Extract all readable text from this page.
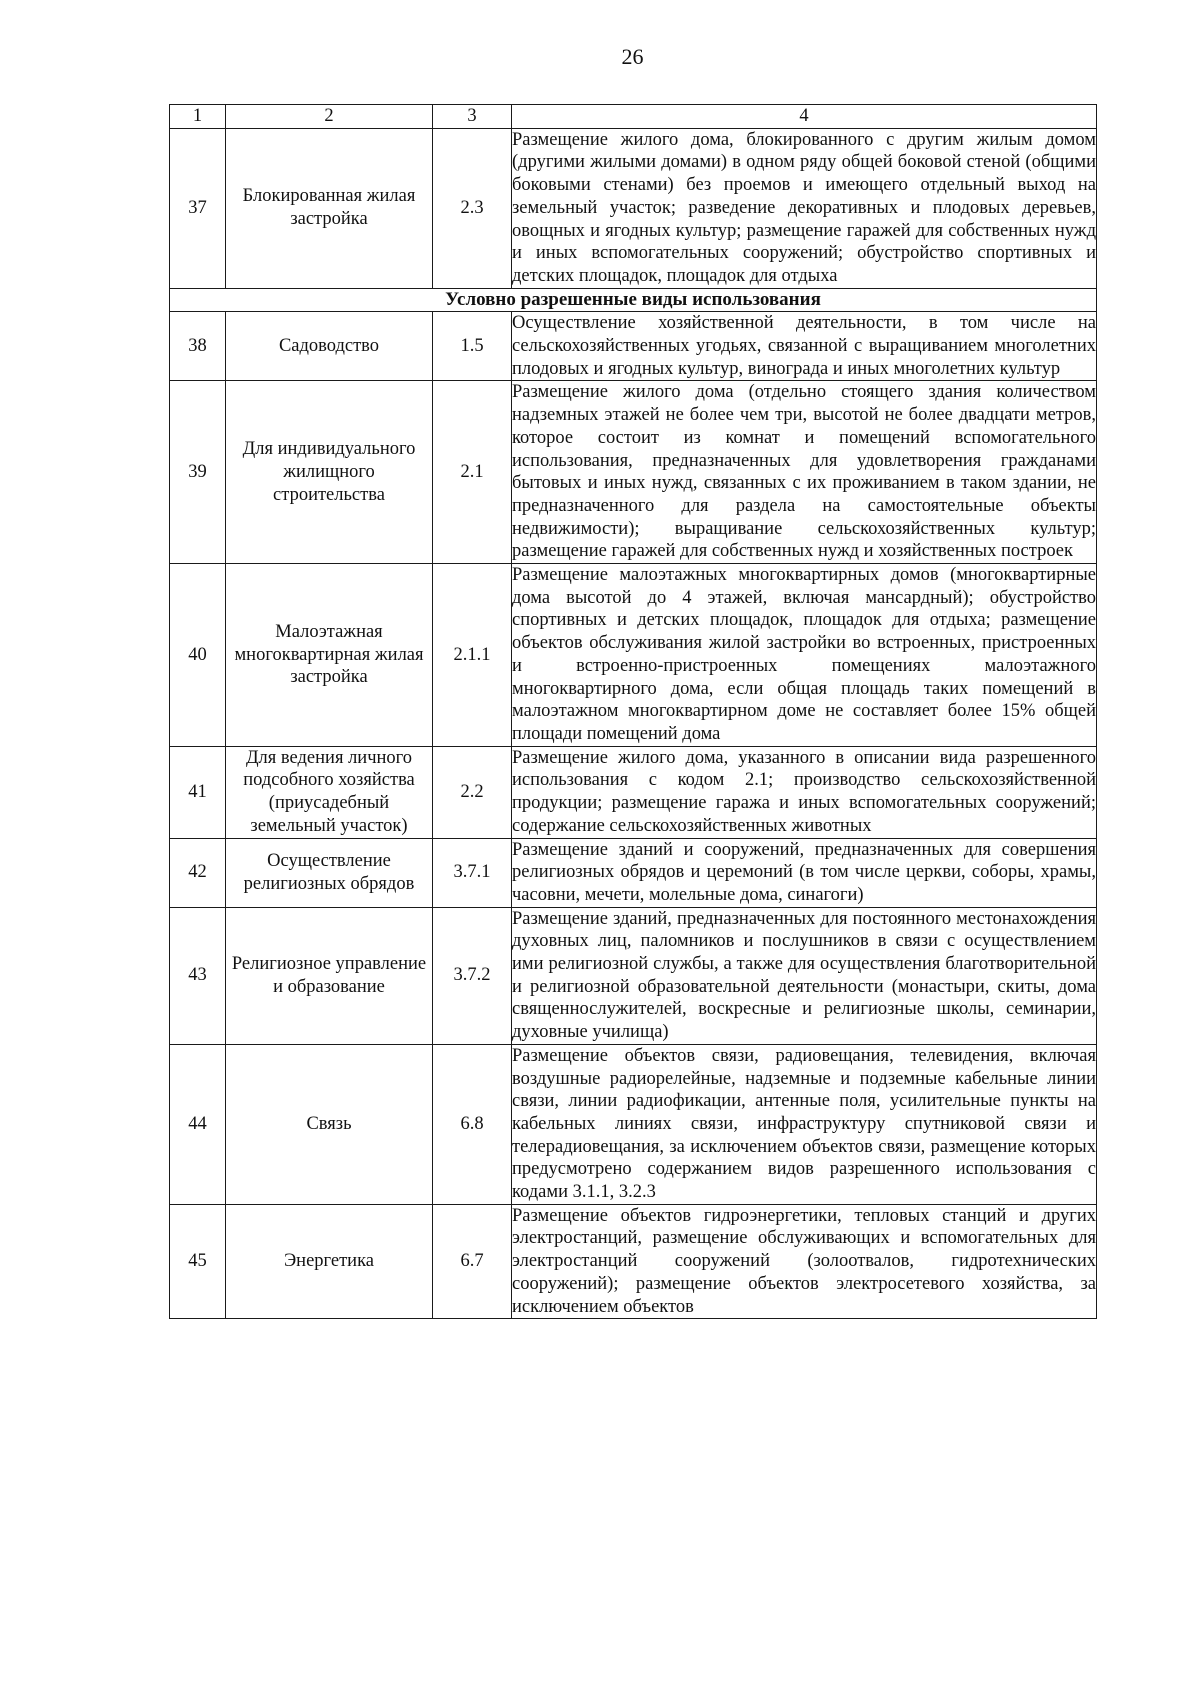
26
1	2	3	4
37	Блокированная жилая застройка	2.3	Размещение жилого дома, блокированного с другим жилым домом (другими жилыми домами) в одном ряду общей боковой стеной (общими боковыми стенами) без проемов и имеющего отдельный выход на земельный участок; разведение декоративных и плодовых деревьев, овощных и ягодных культур; размещение гаражей для собственных нужд и иных вспомогательных сооружений; обустройство спортивных и детских площадок, площадок для отдыха
Условно разрешенные виды использования			
38	Садоводство	1.5	Осуществление хозяйственной деятельности, в том числе на сельскохозяйственных угодьях, связанной с выращиванием многолетних плодовых и ягодных культур, винограда и иных многолетних культур
39	Для индивидуального жилищного строительства	2.1	Размещение жилого дома (отдельно стоящего здания количеством надземных этажей не более чем три, высотой не более двадцати метров, которое состоит из комнат и помещений вспомогательного использования, предназначенных для удовлетворения гражданами бытовых и иных нужд, связанных с их проживанием в таком здании, не предназначенного для раздела на самостоятельные объекты недвижимости); выращивание сельскохозяйственных культур; размещение гаражей для собственных нужд и хозяйственных построек
40	Малоэтажная многоквартирная жилая застройка	2.1.1	Размещение малоэтажных многоквартирных домов (многоквартирные дома высотой до 4 этажей, включая мансардный); обустройство спортивных и детских площадок, площадок для отдыха; размещение объектов обслуживания жилой застройки во встроенных, пристроенных и встроенно-пристроенных помещениях малоэтажного многоквартирного дома, если общая площадь таких помещений в малоэтажном многоквартирном доме не составляет более 15% общей площади помещений дома
41	Для ведения личного подсобного хозяйства (приусадебный земельный участок)	2.2	Размещение жилого дома, указанного в описании вида разрешенного использования с кодом 2.1; производство сельскохозяйственной продукции; размещение гаража и иных вспомогательных сооружений; содержание сельскохозяйственных животных
42	Осуществление религиозных обрядов	3.7.1	Размещение зданий и сооружений, предназначенных для совершения религиозных обрядов и церемоний (в том числе церкви, соборы, храмы, часовни, мечети, молельные дома, синагоги)
43	Религиозное управление и образование	3.7.2	Размещение зданий, предназначенных для постоянного местонахождения духовных лиц, паломников и послушников в связи с осуществлением ими религиозной службы, а также для осуществления благотворительной и религиозной образовательной деятельности (монастыри, скиты, дома священнослужителей, воскресные и религиозные школы, семинарии, духовные училища)
44	Связь	6.8	Размещение объектов связи, радиовещания, телевидения, включая воздушные радиорелейные, надземные и подземные кабельные линии связи, линии радиофикации, антенные поля, усилительные пункты на кабельных линиях связи, инфраструктуру спутниковой связи и телерадиовещания, за исключением объектов связи, размещение которых предусмотрено содержанием видов разрешенного использования с кодами 3.1.1, 3.2.3
45	Энергетика	6.7	Размещение объектов гидроэнергетики, тепловых станций и других электростанций, размещение обслуживающих и вспомогательных для электростанций сооружений (золоотвалов, гидротехнических сооружений); размещение объектов электросетевого хозяйства, за исключением объектов
